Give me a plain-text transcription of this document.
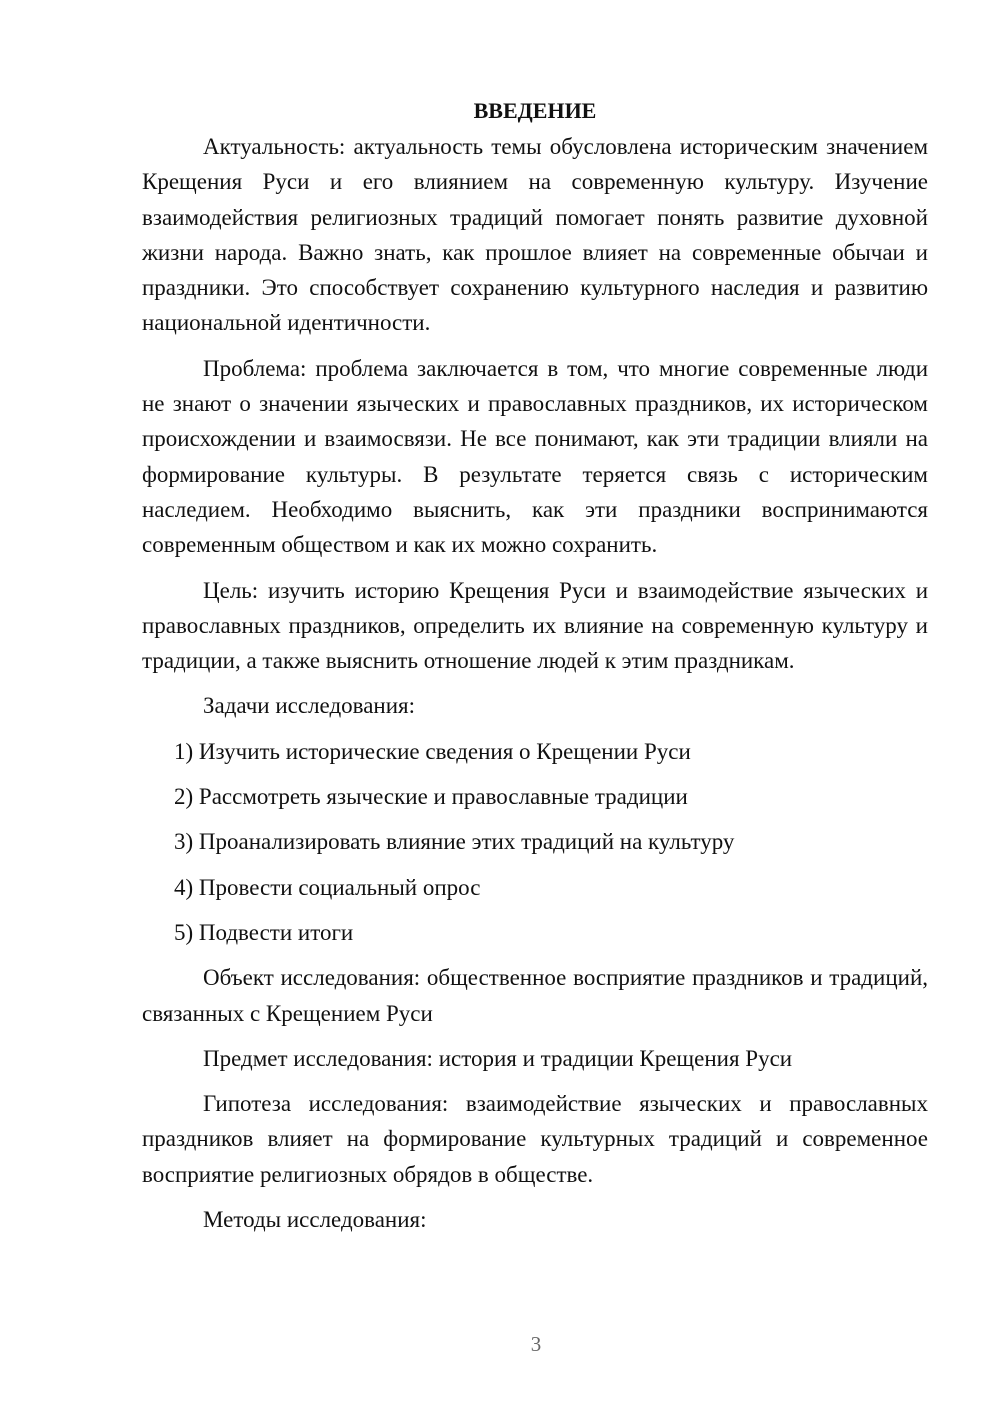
ВВЕДЕНИЕ

Актуальность: актуальность темы обусловлена историческим значением Крещения Руси и его влиянием на современную культуру. Изучение взаимодействия религиозных традиций помогает понять развитие духовной жизни народа. Важно знать, как прошлое влияет на современные обычаи и праздники. Это способствует сохранению культурного наследия и развитию национальной идентичности.

Проблема: проблема заключается в том, что многие современные люди не знают о значении языческих и православных праздников, их историческом происхождении и взаимосвязи. Не все понимают, как эти традиции влияли на формирование культуры. В результате теряется связь с историческим наследием. Необходимо выяснить, как эти праздники воспринимаются современным обществом и как их можно сохранить.

Цель: изучить историю Крещения Руси и взаимодействие языческих и православных праздников, определить их влияние на современную культуру и традиции, а также выяснить отношение людей к этим праздникам.

Задачи исследования:

1) Изучить исторические сведения о Крещении Руси
2) Рассмотреть языческие и православные традиции
3) Проанализировать влияние этих традиций на культуру
4) Провести социальный опрос
5) Подвести итоги

Объект исследования: общественное восприятие праздников и традиций, связанных с Крещением Руси

Предмет исследования: история и традиции Крещения Руси

Гипотеза исследования: взаимодействие языческих и православных праздников влияет на формирование культурных традиций и современное восприятие религиозных обрядов в обществе.

Методы исследования:

3
